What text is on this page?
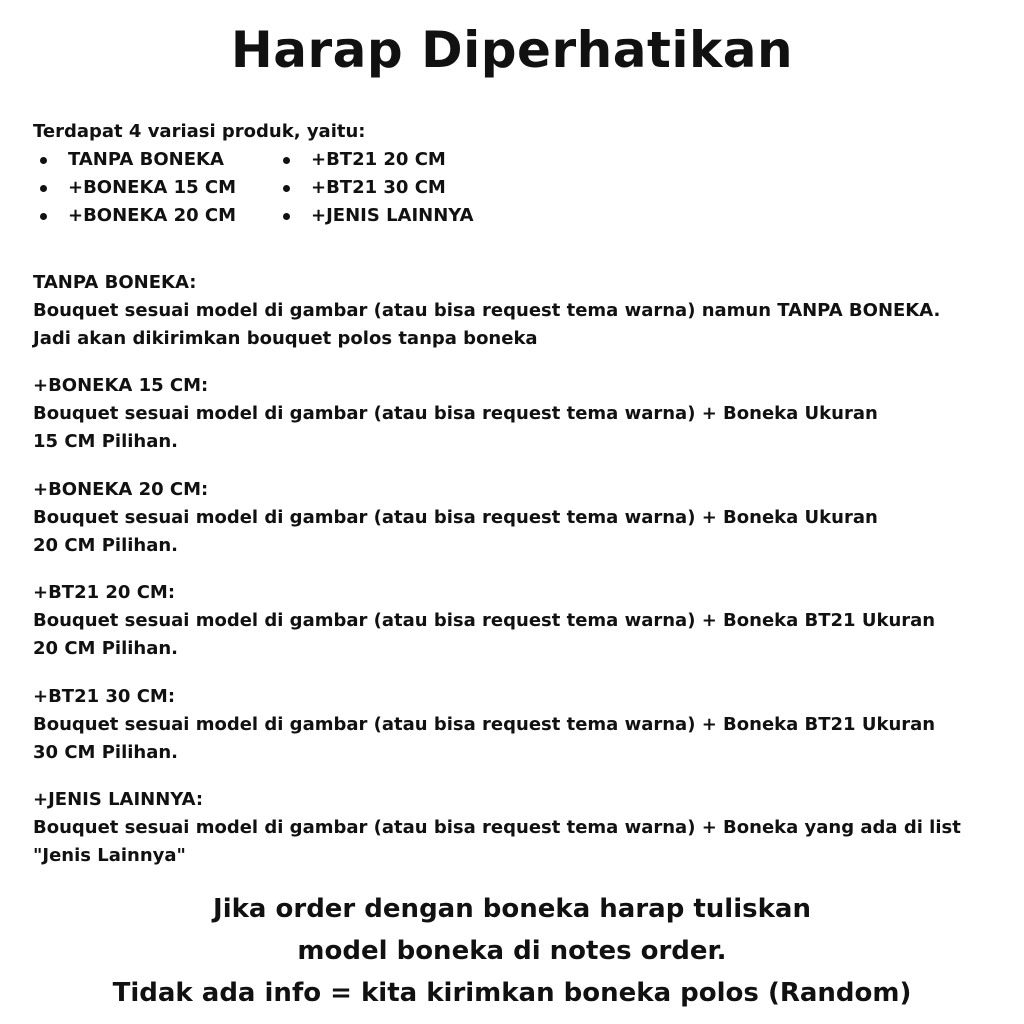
Harap Diperhatikan
Terdapat 4 variasi produk, yaitu:
TANPA BONEKA
+BONEKA 15 CM
+BONEKA 20 CM
+BT21 20 CM
+BT21 30 CM
+JENIS LAINNYA
TANPA BONEKA:
Bouquet sesuai model di gambar (atau bisa request tema warna) namun TANPA BONEKA.
Jadi akan dikirimkan bouquet polos tanpa boneka
+BONEKA 15 CM:
Bouquet sesuai model di gambar (atau bisa request tema warna) + Boneka Ukuran
15 CM Pilihan.
+BONEKA 20 CM:
Bouquet sesuai model di gambar (atau bisa request tema warna) + Boneka Ukuran
20 CM Pilihan.
+BT21 20 CM:
Bouquet sesuai model di gambar (atau bisa request tema warna) + Boneka BT21 Ukuran
20 CM Pilihan.
+BT21 30 CM:
Bouquet sesuai model di gambar (atau bisa request tema warna) + Boneka BT21 Ukuran
30 CM Pilihan.
+JENIS LAINNYA:
Bouquet sesuai model di gambar (atau bisa request tema warna) + Boneka yang ada di list
"Jenis Lainnya"
Jika order dengan boneka harap tuliskan
model boneka di notes order.
Tidak ada info = kita kirimkan boneka polos (Random)
